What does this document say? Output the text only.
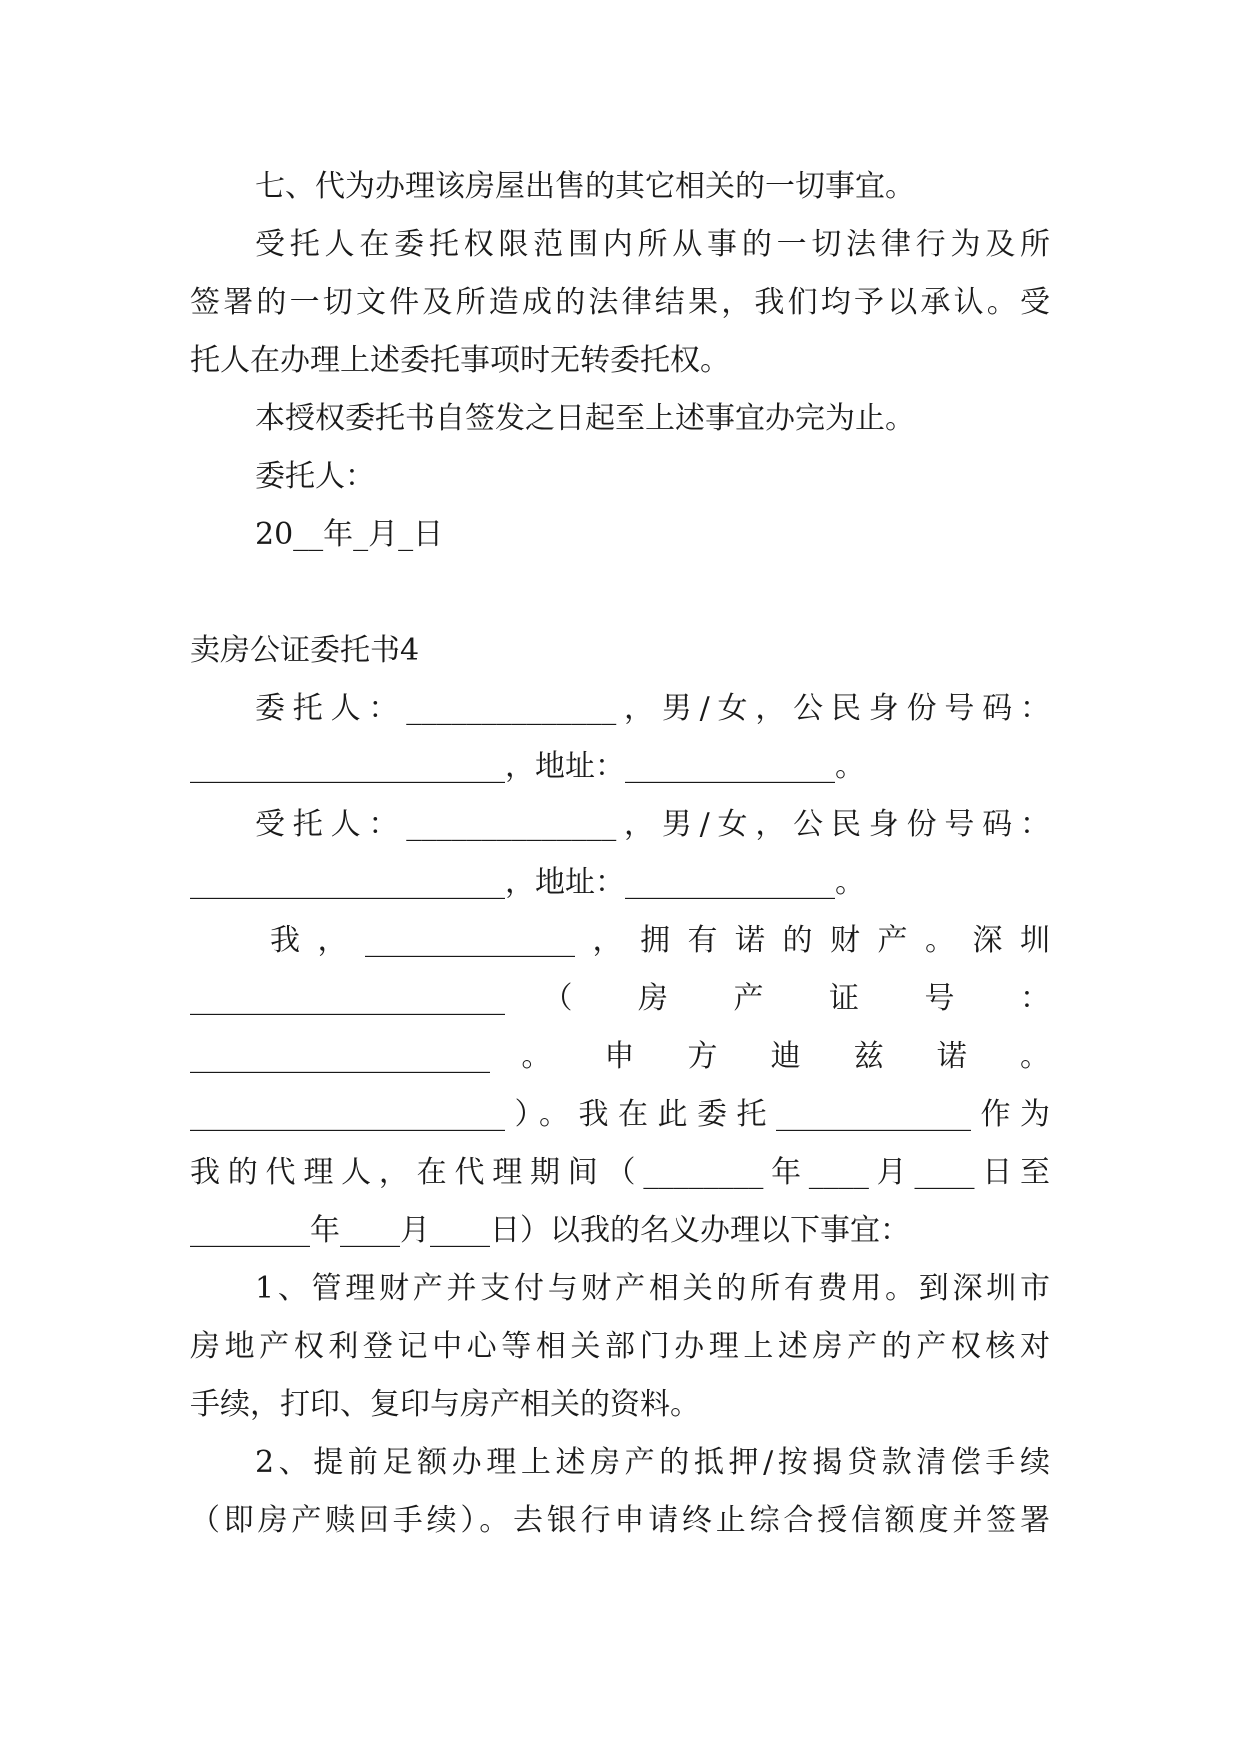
七、代为办理该房屋出售的其它相关的一切事宜。
受托人在委托权限范围内所从事的一切法律行为及所
签署的一切文件及所造成的法律结果，我们均予以承认。受
托人在办理上述委托事项时无转委托权。
本授权委托书自签发之日起至上述事宜办完为止。
委托人：
20__年_月_日
卖房公证委托书4
委托人：______________，男/女，公民身份号码：
_____________________，地址：______________。
受托人：______________，男/女，公民身份号码：
_____________________，地址：______________。
我，______________，拥有诺的财产。深圳
_____________________ （ 房 产 证 号 ：
____________________ 。 申 方 迪 兹 诺 。
_____________________）。我在此委托_____________作为
我的代理人，在代理期间（________年____月____日至
________年____月____日）以我的名义办理以下事宜：
1、管理财产并支付与财产相关的所有费用。到深圳市
房地产权利登记中心等相关部门办理上述房产的产权核对
手续，打印、复印与房产相关的资料。
2、提前足额办理上述房产的抵押/按揭贷款清偿手续
（即房产赎回手续）。去银行申请终止综合授信额度并签署
